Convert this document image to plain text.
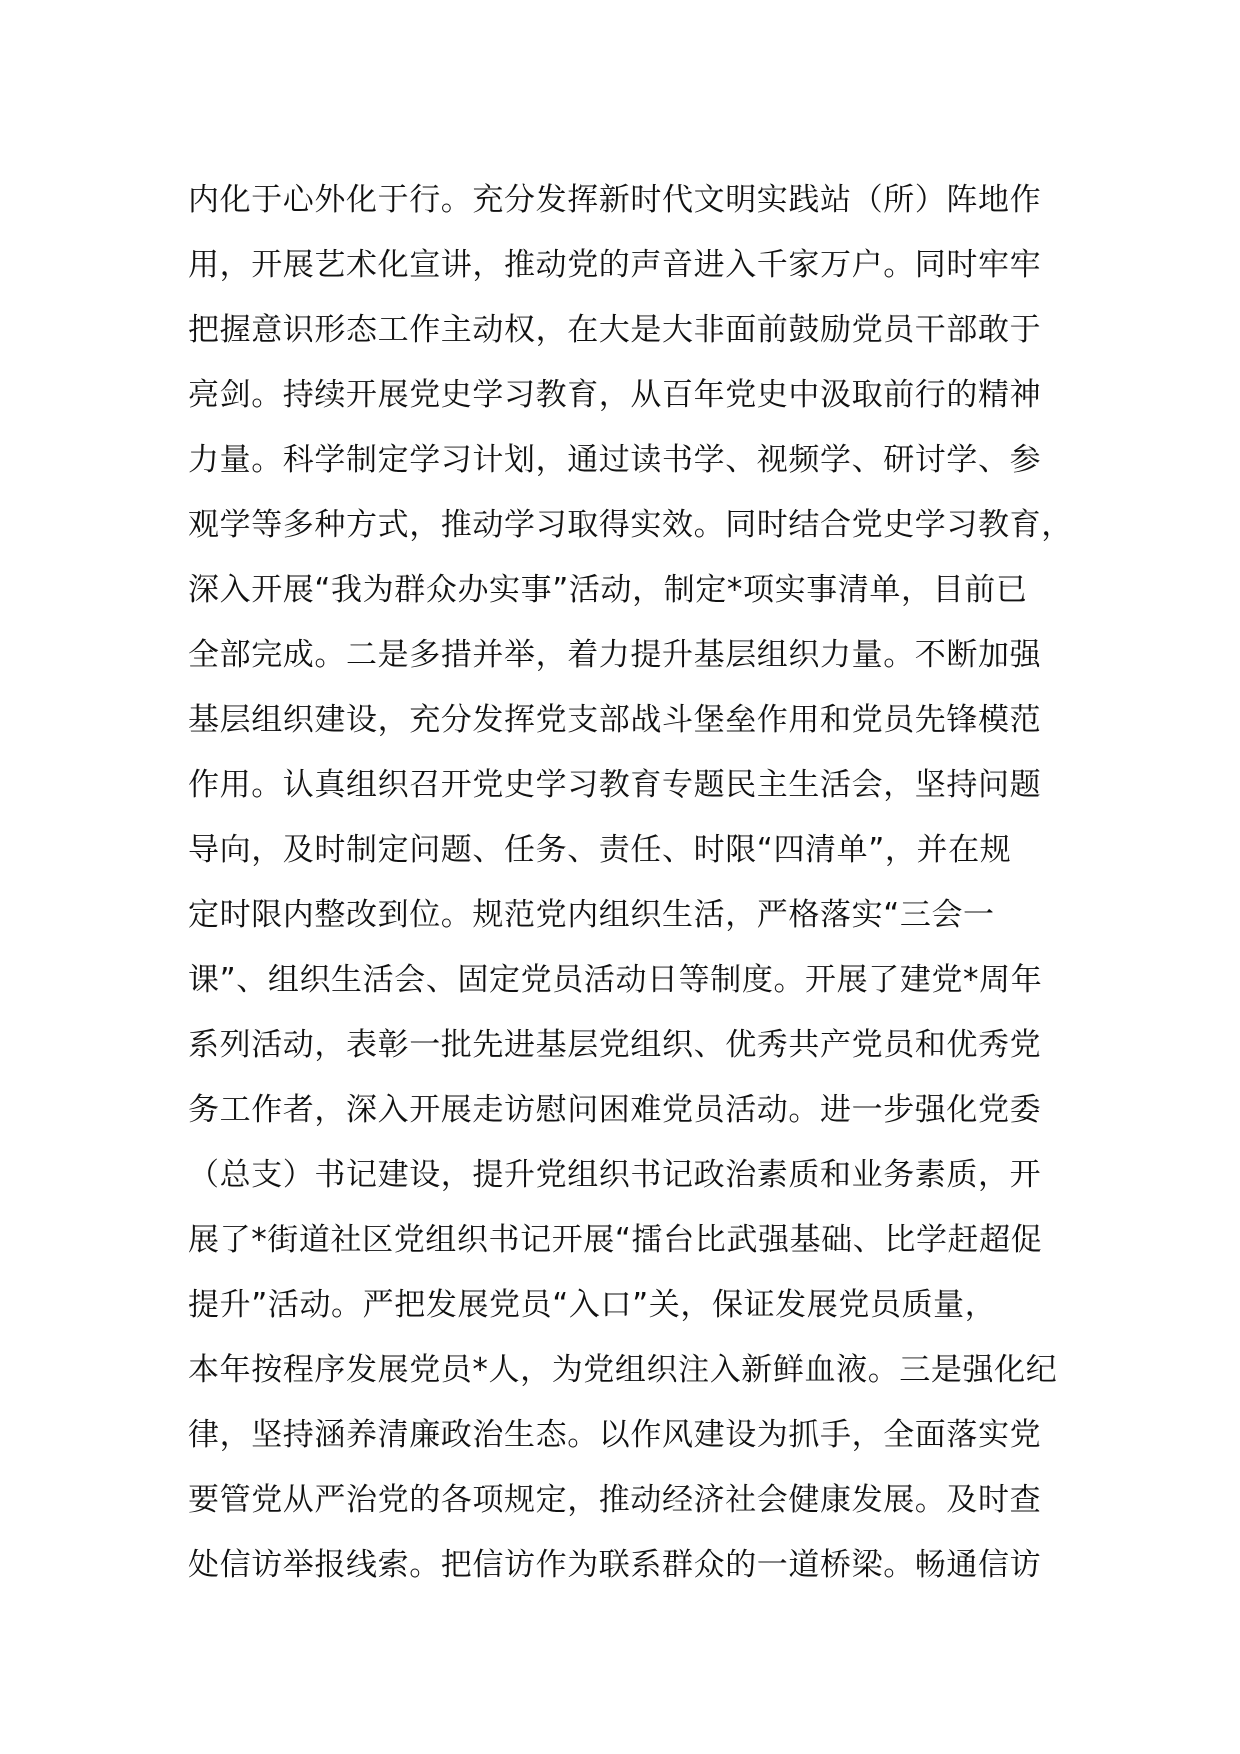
内化于心外化于行。充分发挥新时代文明实践站（所）阵地作
用，开展艺术化宣讲，推动党的声音进入千家万户。同时牢牢
把握意识形态工作主动权，在大是大非面前鼓励党员干部敢于
亮剑。持续开展党史学习教育，从百年党史中汲取前行的精神
力量。科学制定学习计划，通过读书学、视频学、研讨学、参
观学等多种方式，推动学习取得实效。同时结合党史学习教育，
深入开展“我为群众办实事”活动，制定*项实事清单，目前已
全部完成。二是多措并举，着力提升基层组织力量。不断加强
基层组织建设，充分发挥党支部战斗堡垒作用和党员先锋模范
作用。认真组织召开党史学习教育专题民主生活会，坚持问题
导向，及时制定问题、任务、责任、时限“四清单”，并在规
定时限内整改到位。规范党内组织生活，严格落实“三会一
课”、组织生活会、固定党员活动日等制度。开展了建党*周年
系列活动，表彰一批先进基层党组织、优秀共产党员和优秀党
务工作者，深入开展走访慰问困难党员活动。进一步强化党委
（总支）书记建设，提升党组织书记政治素质和业务素质，开
展了*街道社区党组织书记开展“擂台比武强基础、比学赶超促
提升”活动。严把发展党员“入口”关，保证发展党员质量，
本年按程序发展党员*人，为党组织注入新鲜血液。三是强化纪
律，坚持涵养清廉政治生态。以作风建设为抓手，全面落实党
要管党从严治党的各项规定，推动经济社会健康发展。及时查
处信访举报线索。把信访作为联系群众的一道桥梁。畅通信访
